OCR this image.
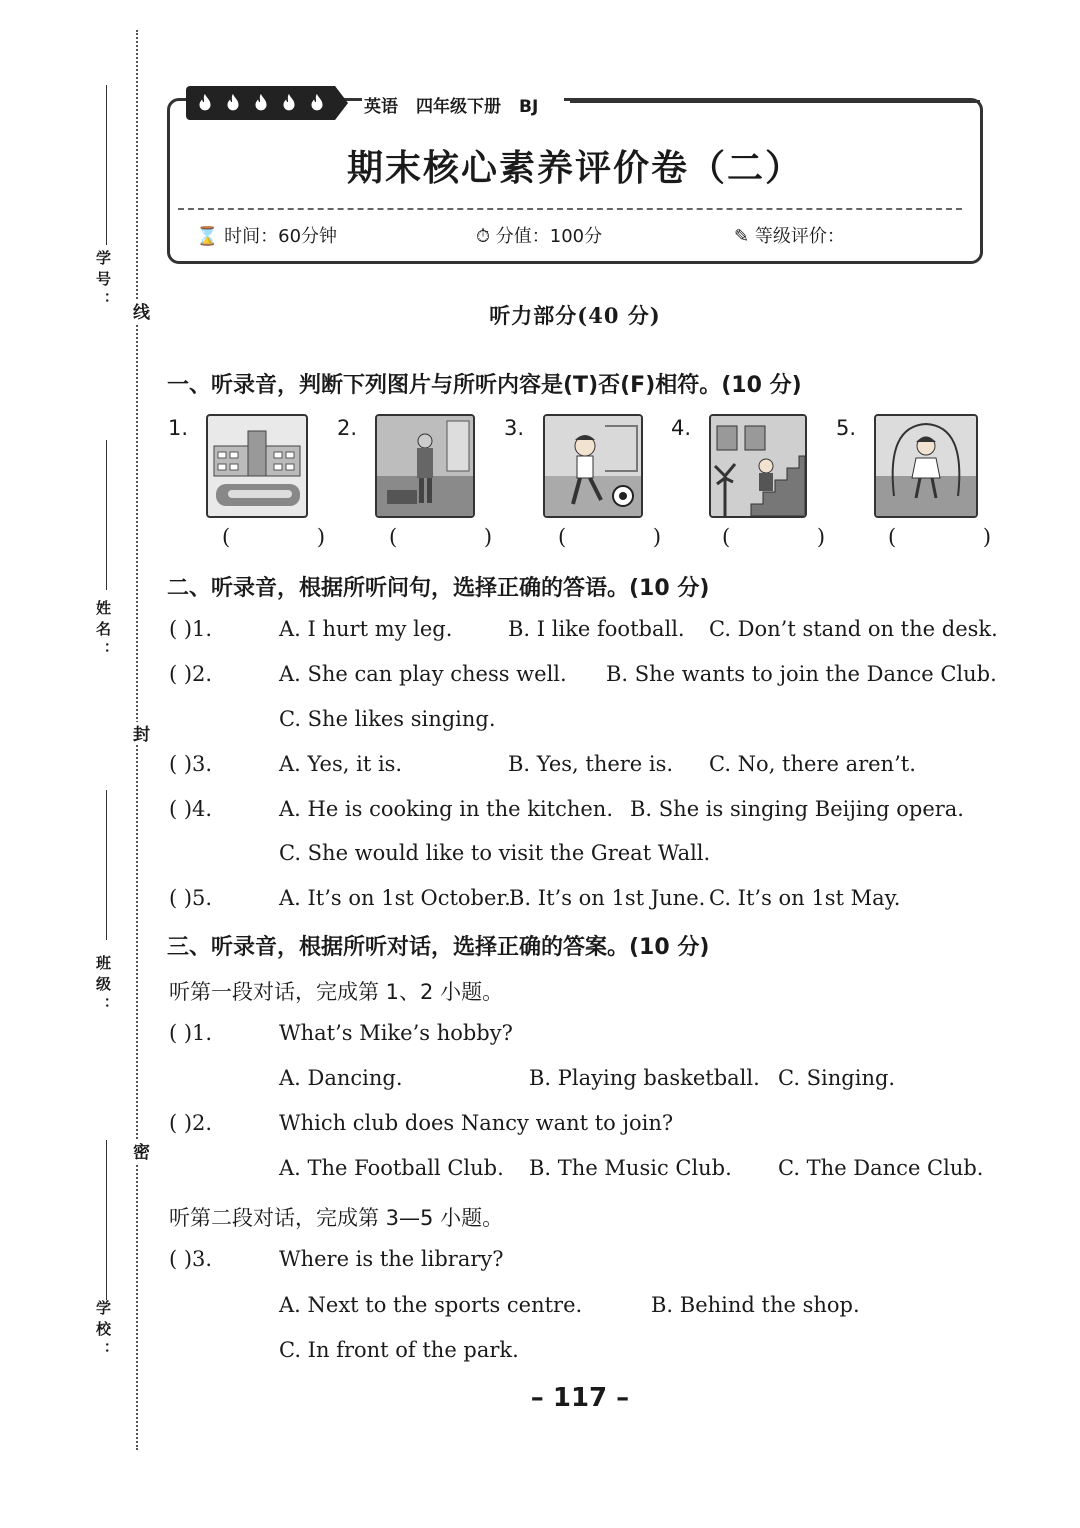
学号： 线
姓名：
封
班级：
密
学校：
英语 四年级下册 BJ
期末核心素养评价卷（二）
⌛ 时间：60分钟	⏱ 分值：100分	✎ 等级评价：
听力部分(40 分)
一、听录音，判断下列图片与所听内容是(T)否(F)相符。(10 分)
1.
( )
2.
( )
3.
( )
4.
( )
5.
( )
二、听录音，根据所听问句，选择正确的答语。(10 分)
( )1.	A. I hurt my leg.	B. I like football. C. Don’t stand on the desk.
( )2.	A. She can play chess well. B. She wants to join the Dance Club.
C. She likes singing.
( )3.	A. Yes, it is.	B. Yes, there is. C. No, there aren’t.
( )4.	A. He is cooking in the kitchen. B. She is singing Beijing opera.
C. She would like to visit the Great Wall.
( )5.	A. It’s on 1st October.
B. It’s on 1st June. C. It’s on 1st May.
三、听录音，根据所听对话，选择正确的答案。(10 分)
听第一段对话，完成第 1、2 小题。
( )1.	What’s Mike’s hobby?
A. Dancing.	B. Playing basketball. C. Singing.
( )2.	Which club does Nancy want to join?
A. The Football Club. B. The Music Club. C. The Dance Club.
听第二段对话，完成第 3—5 小题。
( )3.	Where is the library?
A. Next to the sports centre.	B. Behind the shop.
C. In front of the park.
– 117 –
